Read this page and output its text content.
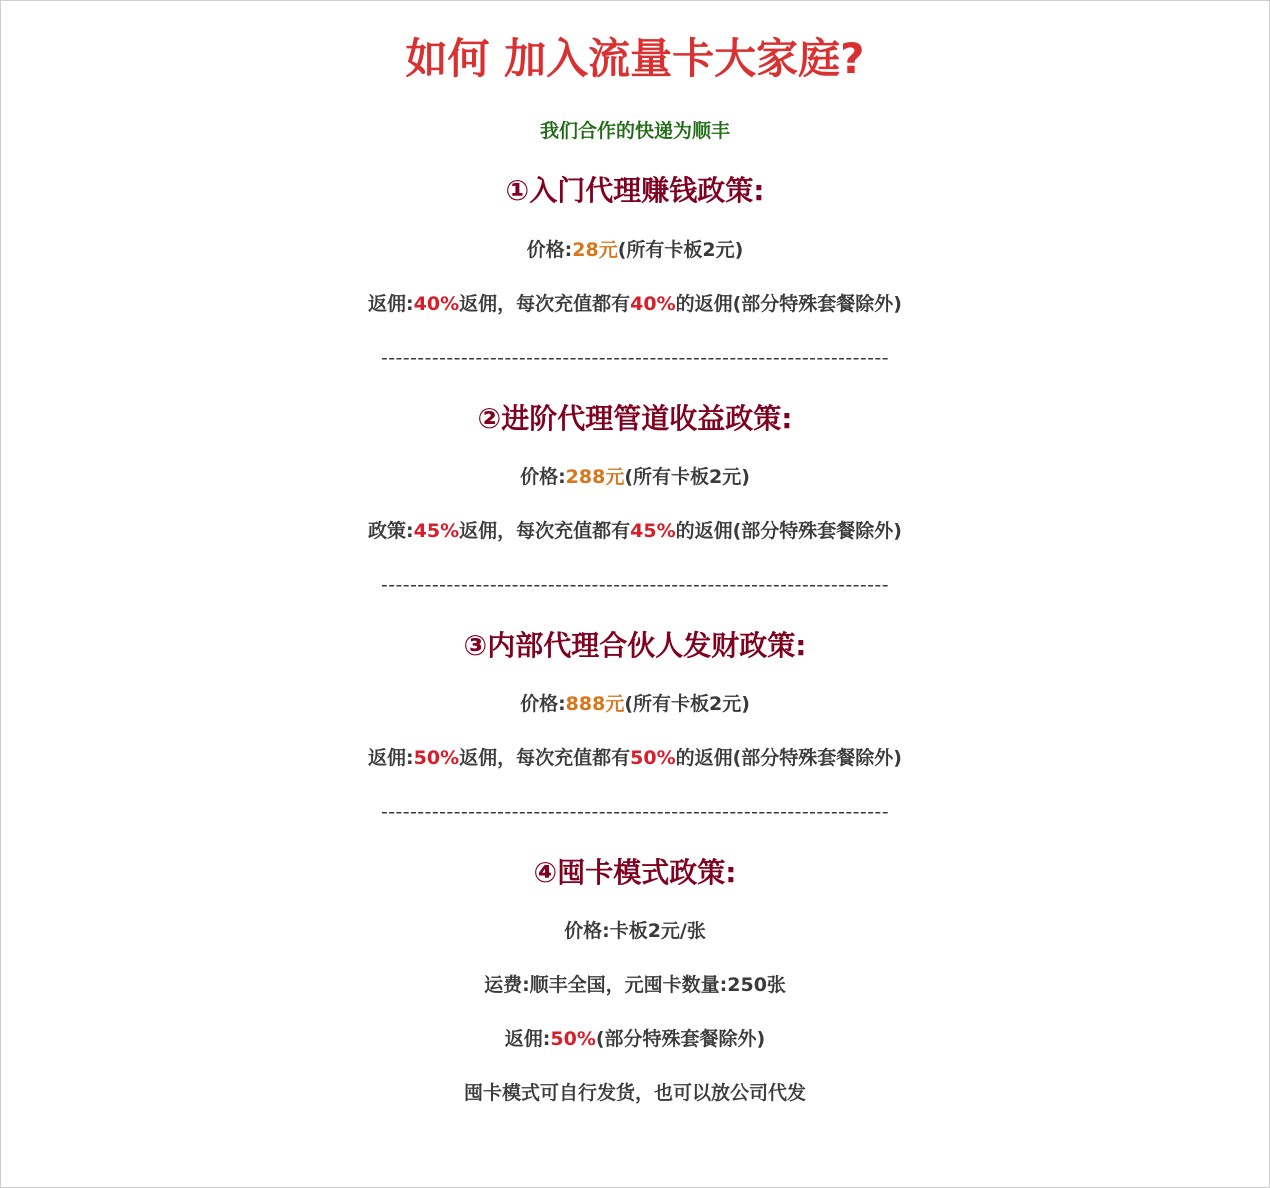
如何 加入流量卡大家庭?
我们合作的快递为顺丰
①入门代理赚钱政策:
价格:28元(所有卡板2元)
返佣:40%返佣，每次充值都有40%的返佣(部分特殊套餐除外)
----------------------------------------------------------------------
②进阶代理管道收益政策:
价格:288元(所有卡板2元)
政策:45%返佣，每次充值都有45%的返佣(部分特殊套餐除外)
----------------------------------------------------------------------
③内部代理合伙人发财政策:
价格:888元(所有卡板2元)
返佣:50%返佣，每次充值都有50%的返佣(部分特殊套餐除外)
----------------------------------------------------------------------
④囤卡模式政策:
价格:卡板2元/张
运费:顺丰全国，元囤卡数量:250张
返佣:50%(部分特殊套餐除外)
囤卡模式可自行发货，也可以放公司代发
